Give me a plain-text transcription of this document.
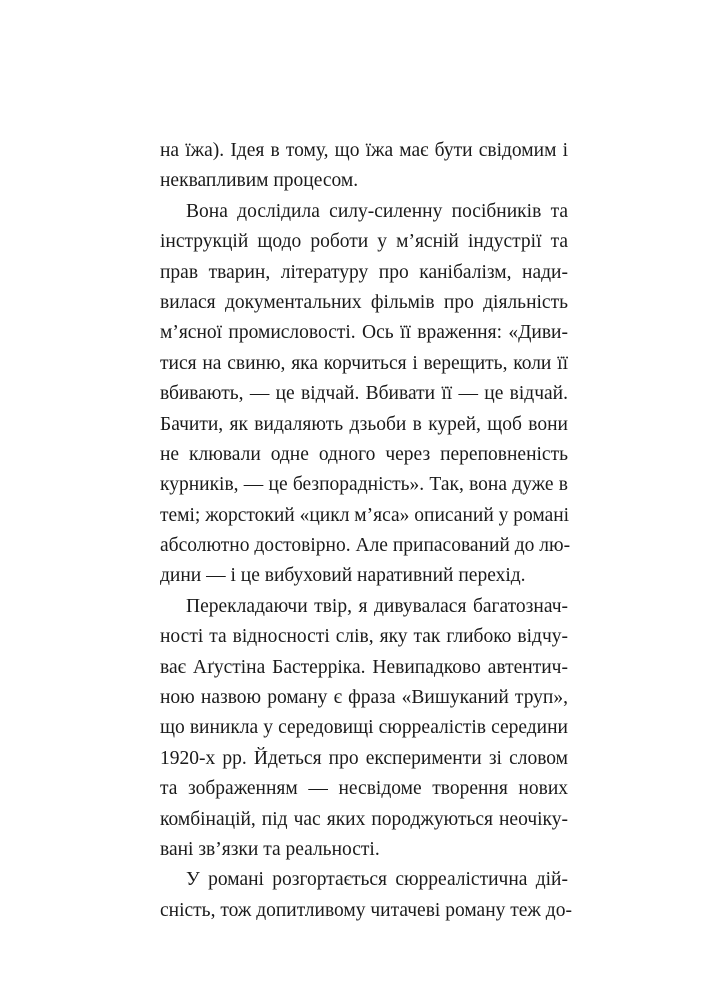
на їжа). Ідея в тому, що їжа має бути свідомим і
неквапливим процесом.
Вона дослідила силу-силенну посібників та
інструкцій щодо роботи у м’ясній індустрії та
прав тварин, літературу про канібалізм, нади-
вилася документальних фільмів про діяльність
м’ясної промисловості. Ось її враження: «Диви-
тися на свиню, яка корчиться і верещить, коли її
вбивають, — це відчай. Вбивати її — це відчай.
Бачити, як видаляють дзьоби в курей, щоб вони
не клювали одне одного через переповненість
курників, — це безпорадність». Так, вона дуже в
темі; жорстокий «цикл м’яса» описаний у романі
абсолютно достовірно. Але припасований до лю-
дини — і це вибуховий наративний перехід.
Перекладаючи твір, я дивувалася багатознач-
ності та відносності слів, яку так глибоко відчу-
ває Аґустіна Бастерріка. Невипадково автентич-
ною назвою роману є фраза «Вишуканий труп»,
що виникла у середовищі сюрреалістів середини
1920-х рр. Йдеться про експерименти зі словом
та зображенням — несвідоме творення нових
комбінацій, під час яких породжуються неочіку-
вані зв’язки та реальності.
У романі розгортається сюрреалістична дій-
сність, тож допитливому читачеві роману теж до-
